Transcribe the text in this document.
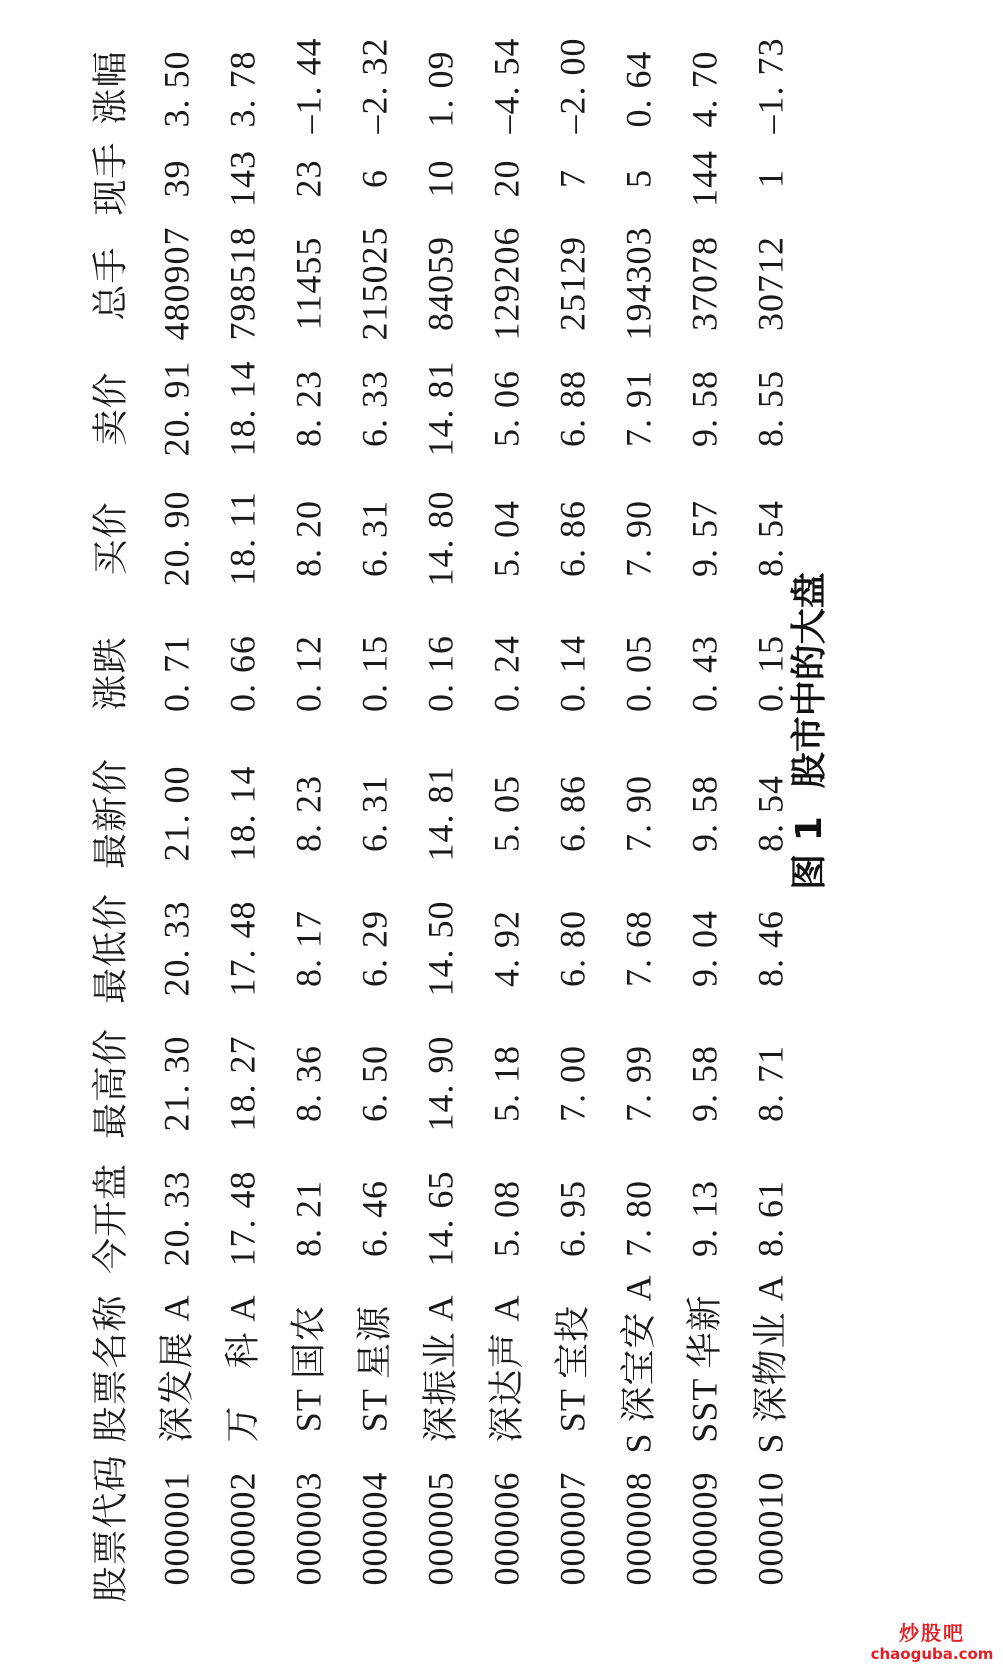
股票代码
股票名称
今开盘
最高价
最低价
最新价
涨跌
买价
卖价
总手
现手
涨幅
000001
深发展 A
20. 33
21. 30
20. 33
21. 00
0. 71
20. 90
20. 91
480907
39
3. 50
000002
万　科 A
17. 48
18. 27
17. 48
18. 14
0. 66
18. 11
18. 14
798518
143
3. 78
000003
ST 国农
8. 21
8. 36
8. 17
8. 23
0. 12
8. 20
8. 23
11455
23
–1. 44
000004
ST 星源
6. 46
6. 50
6. 29
6. 31
0. 15
6. 31
6. 33
215025
6
–2. 32
000005
深振业 A
14. 65
14. 90
14. 50
14. 81
0. 16
14. 80
14. 81
84059
10
1. 09
000006
深达声 A
5. 08
5. 18
4. 92
5. 05
0. 24
5. 04
5. 06
129206
20
–4. 54
000007
ST 宝投
6. 95
7. 00
6. 80
6. 86
0. 14
6. 86
6. 88
25129
7
–2. 00
000008
S 深宝安 A
7. 80
7. 99
7. 68
7. 90
0. 05
7. 90
7. 91
194303
5
0. 64
000009
SST 华新
9. 13
9. 58
9. 04
9. 58
0. 43
9. 57
9. 58
37078
144
4. 70
000010
S 深物业 A
8. 61
8. 71
8. 46
8. 54
0. 15
8. 54
8. 55
30712
1
–1. 73
图 1股市中的大盘
炒股吧
chaoguba.com
